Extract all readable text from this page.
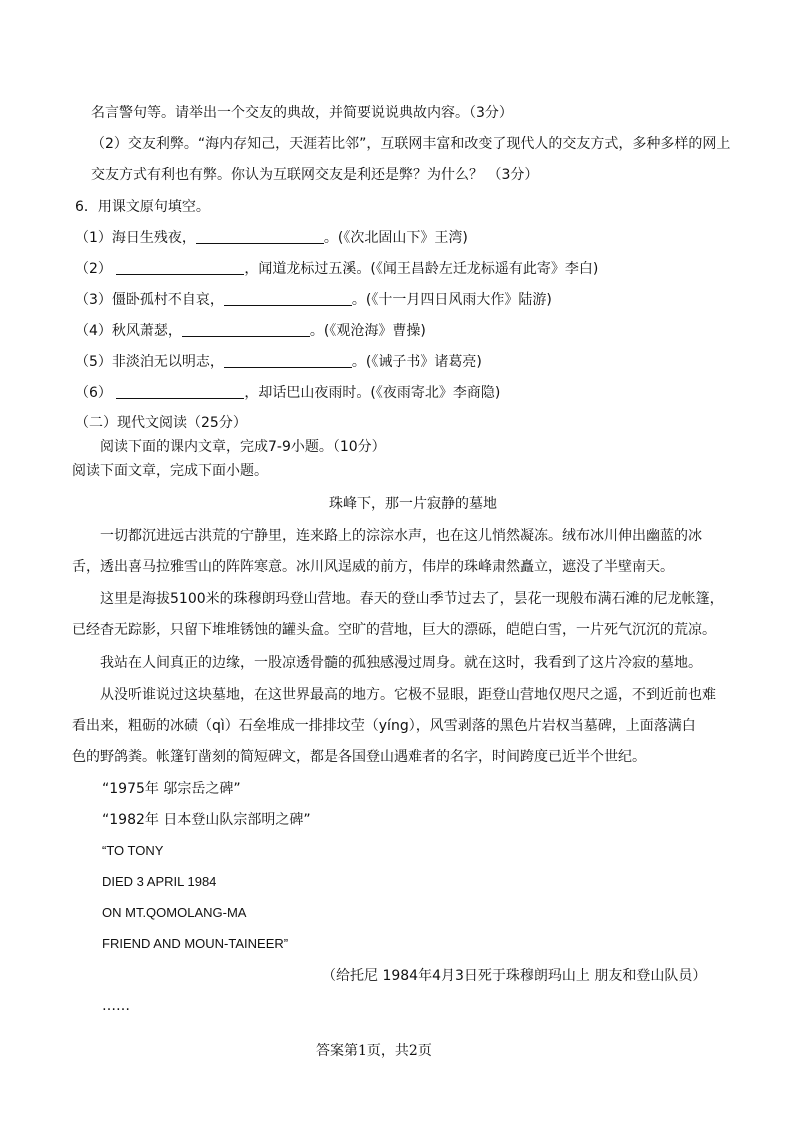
名言警句等。请举出一个交友的典故，并简要说说典故内容。（3分）
（2）交友利弊。“海内存知己，天涯若比邻”，互联网丰富和改变了现代人的交友方式，多种多样的网上
交友方式有利也有弊。你认为互联网交友是利还是弊？为什么？ （3分）
6．用课文原句填空。
（1）海日生残夜，	。(《次北固山下》王湾)
（2）	，闻道龙标过五溪。(《闻王昌龄左迁龙标遥有此寄》李白)
（3）僵卧孤村不自哀，	。(《十一月四日风雨大作》陆游)
（4）秋风萧瑟，	。(《观沧海》曹操)
（5）非淡泊无以明志，	。(《诫子书》诸葛亮)
（6）	，却话巴山夜雨时。(《夜雨寄北》李商隐)
（二）现代文阅读（25分）
阅读下面的课内文章，完成7-9小题。（10分）
阅读下面文章，完成下面小题。
珠峰下，那一片寂静的墓地
一切都沉进远古洪荒的宁静里，连来路上的淙淙水声，也在这儿悄然凝冻。绒布冰川伸出幽蓝的冰
舌，透出喜马拉雅雪山的阵阵寒意。冰川风逞威的前方，伟岸的珠峰肃然矗立，遮没了半壁南天。
这里是海拔5100米的珠穆朗玛登山营地。春天的登山季节过去了，昙花一现般布满石滩的尼龙帐篷，
已经杳无踪影，只留下堆堆锈蚀的罐头盒。空旷的营地，巨大的漂砾，皑皑白雪，一片死气沉沉的荒凉。
我站在人间真正的边缘，一股凉透骨髓的孤独感漫过周身。就在这时，我看到了这片冷寂的墓地。
从没听谁说过这块墓地，在这世界最高的地方。它极不显眼，距登山营地仅咫尺之遥，不到近前也难
看出来，粗砺的冰碛（qì）石垒堆成一排排坟茔（yíng），风雪剥落的黑色片岩权当墓碑，上面落满白
色的野鸽粪。帐篷钉凿刻的简短碑文，都是各国登山遇难者的名字，时间跨度已近半个世纪。
“1975年 邬宗岳之碑”
“1982年 日本登山队宗部明之碑”
“TO TONY
DIED 3 APRIL 1984
ON MT.QOMOLANG-MA
FRIEND AND MOUN-TAINEER”
（给托尼 1984年4月3日死于珠穆朗玛山上 朋友和登山队员）
……
答案第1页，共2页
